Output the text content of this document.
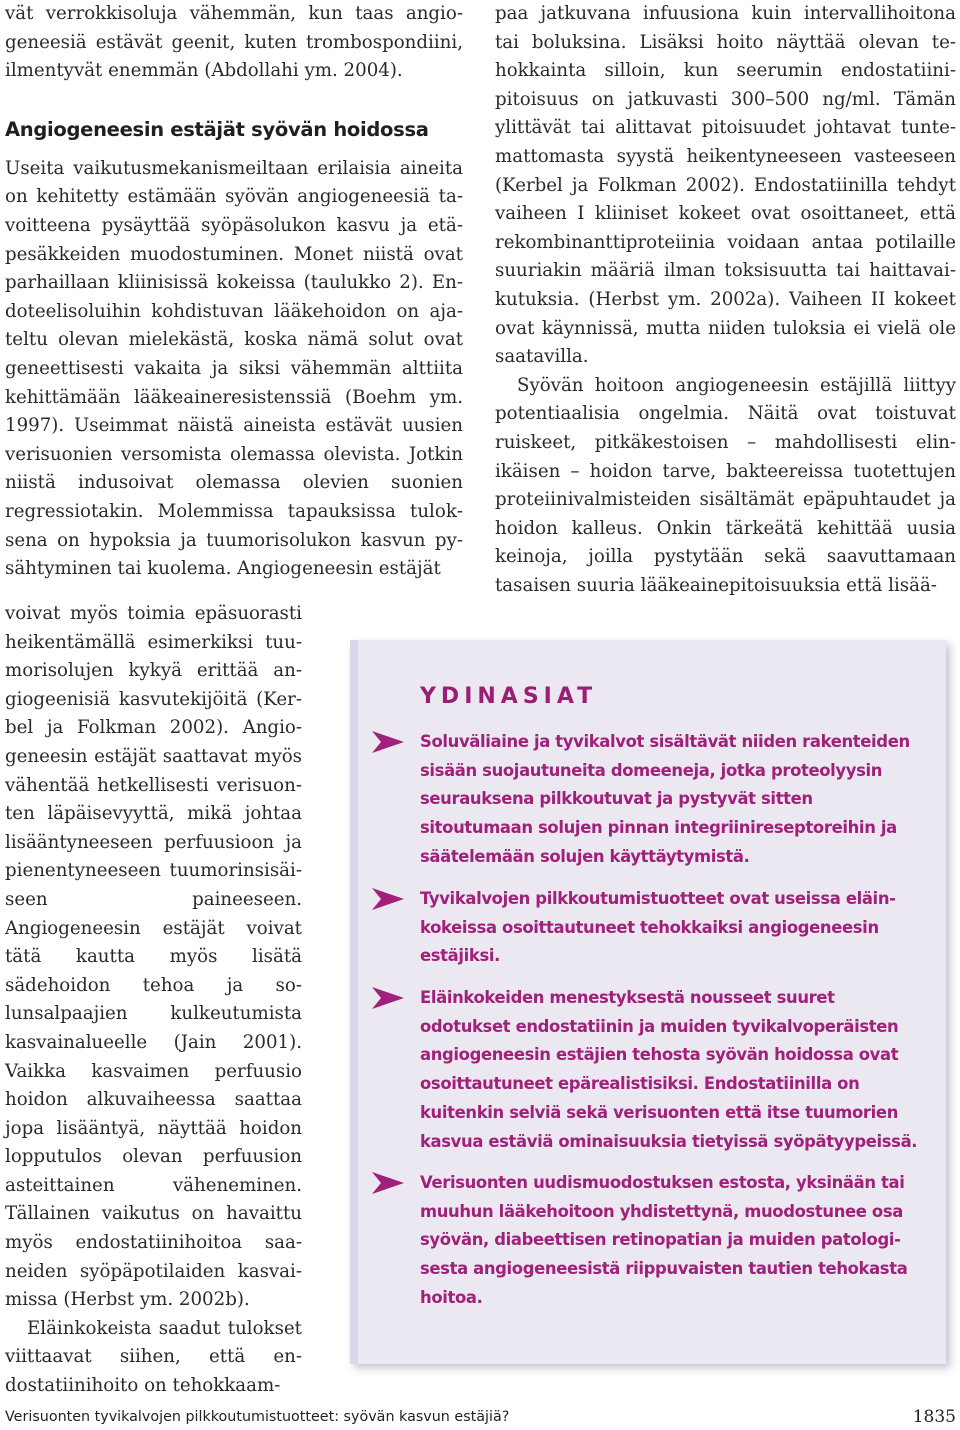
vät verrokkisoluja vähemmän, kun taas angiogeneesiä estävät geenit, kuten trombospondiini, ilmentyvät enemmän (Abdollahi ym. 2004).

Angiogeneesin estäjät syövän hoidossa

Useita vaikutusmekanismeiltaan erilaisia aineita on kehitetty estämään syövän angiogeneesiä tavoitteena pysäyttää syöpäsolukon kasvu ja etäpesäkkeiden muodostuminen. Monet niistä ovat parhaillaan kliinisissä kokeissa (taulukko 2). Endoteelisoluihin kohdistuvan lääkehoidon on ajateltu olevan mielekästä, koska nämä solut ovat geneettisesti vakaita ja siksi vähemmän alttiita kehittämään lääkeaineresistenssiä (Boehm ym. 1997). Useimmat näistä aineista estävät uusien verisuonien versomista olemassa olevista. Jotkin niistä indusoivat olemassa olevien suonien regressiotakin. Molemmissa tapauksissa tuloksena on hypoksia ja tuumorisolukon kasvun pysähtyminen tai kuolema. Angiogeneesin estäjät

voivat myös toimia epäsuorasti heikentämällä esimerkiksi tuumorisolujen kykyä erittää angiogeenisiä kasvutekijöitä (Kerbel ja Folkman 2002). Angiogeneesin estäjät saattavat myös vähentää hetkellisesti verisuonten läpäisevyyttä, mikä johtaa lisääntyneeseen perfuusioon ja pienentyneeseen tuumorinsisäiseen paineeseen. Angiogeneesin estäjät voivat tätä kautta myös lisätä sädehoidon tehoa ja solunsalpaajien kulkeutumista kasvainalueelle (Jain 2001). Vaikka kasvaimen perfuusio hoidon alkuvaiheessa saattaa jopa lisääntyä, näyttää hoidon lopputulos olevan perfuusion asteittainen väheneminen. Tällainen vaikutus on havaittu myös endostatiinihoitoa saaneiden syöpäpotilaiden kasvaimissa (Herbst ym. 2002b).

Eläinkokeista saadut tulokset viittaavat siihen, että endostatiinihoito on tehokkaam-

paa jatkuvana infuusiona kuin intervallihoitona tai boluksina. Lisäksi hoito näyttää olevan tehokkainta silloin, kun seerumin endostatiinipitoisuus on jatkuvasti 300–500 ng/ml. Tämän ylittävät tai alittavat pitoisuudet johtavat tuntemattomasta syystä heikentyneeseen vasteeseen (Kerbel ja Folkman 2002). Endostatiinilla tehdyt vaiheen I kliiniset kokeet ovat osoittaneet, että rekombinanttiproteiinia voidaan antaa potilaille suuriakin määriä ilman toksisuutta tai haittavaikutuksia. (Herbst ym. 2002a). Vaiheen II kokeet ovat käynnissä, mutta niiden tuloksia ei vielä ole saatavilla.

Syövän hoitoon angiogeneesin estäjillä liittyy potentiaalisia ongelmia. Näitä ovat toistuvat ruiskeet, pitkäkestoisen – mahdollisesti elinikäisen – hoidon tarve, bakteereissa tuotettujen proteiinivalmisteiden sisältämät epäpuhtaudet ja hoidon kalleus. Onkin tärkeätä kehittää uusia keinoja, joilla pystytään sekä saavuttamaan tasaisen suuria lääkeainepitoisuuksia että lisää-

YDINASIAT
Soluväliaine ja tyvikalvot sisältävät niiden rakenteiden sisään suojautuneita domeeneja, jotka proteolyysin seurauksena pilkkoutuvat ja pystyvät sitten sitoutumaan solujen pinnan integriinireseptoreihin ja säätelemään solujen käyttäytymistä.
Tyvikalvojen pilkkoutumistuotteet ovat useissa eläinkokeissa osoittautuneet tehokkaiksi angiogeneesin estäjiksi.
Eläinkokeiden menestyksestä nousseet suuret odotukset endostatiinin ja muiden tyvikalvoperäisten angiogeneesin estäjien tehosta syövän hoidossa ovat osoittautuneet epärealistisiksi. Endostatiinilla on kuitenkin selviä sekä verisuonten että itse tuumorien kasvua estäviä ominaisuuksia tietyissä syöpätyypeissä.
Verisuonten uudismuodostuksen estosta, yksinään tai muuhun lääkehoitoon yhdistettynä, muodostunee osa syövän, diabeettisen retinopatian ja muiden patologisesta angiogeneesistä riippuvaisten tautien tehokasta hoitoa.
Verisuonten tyvikalvojen pilkkoutumistuotteet: syövän kasvun estäjiä?	1835
